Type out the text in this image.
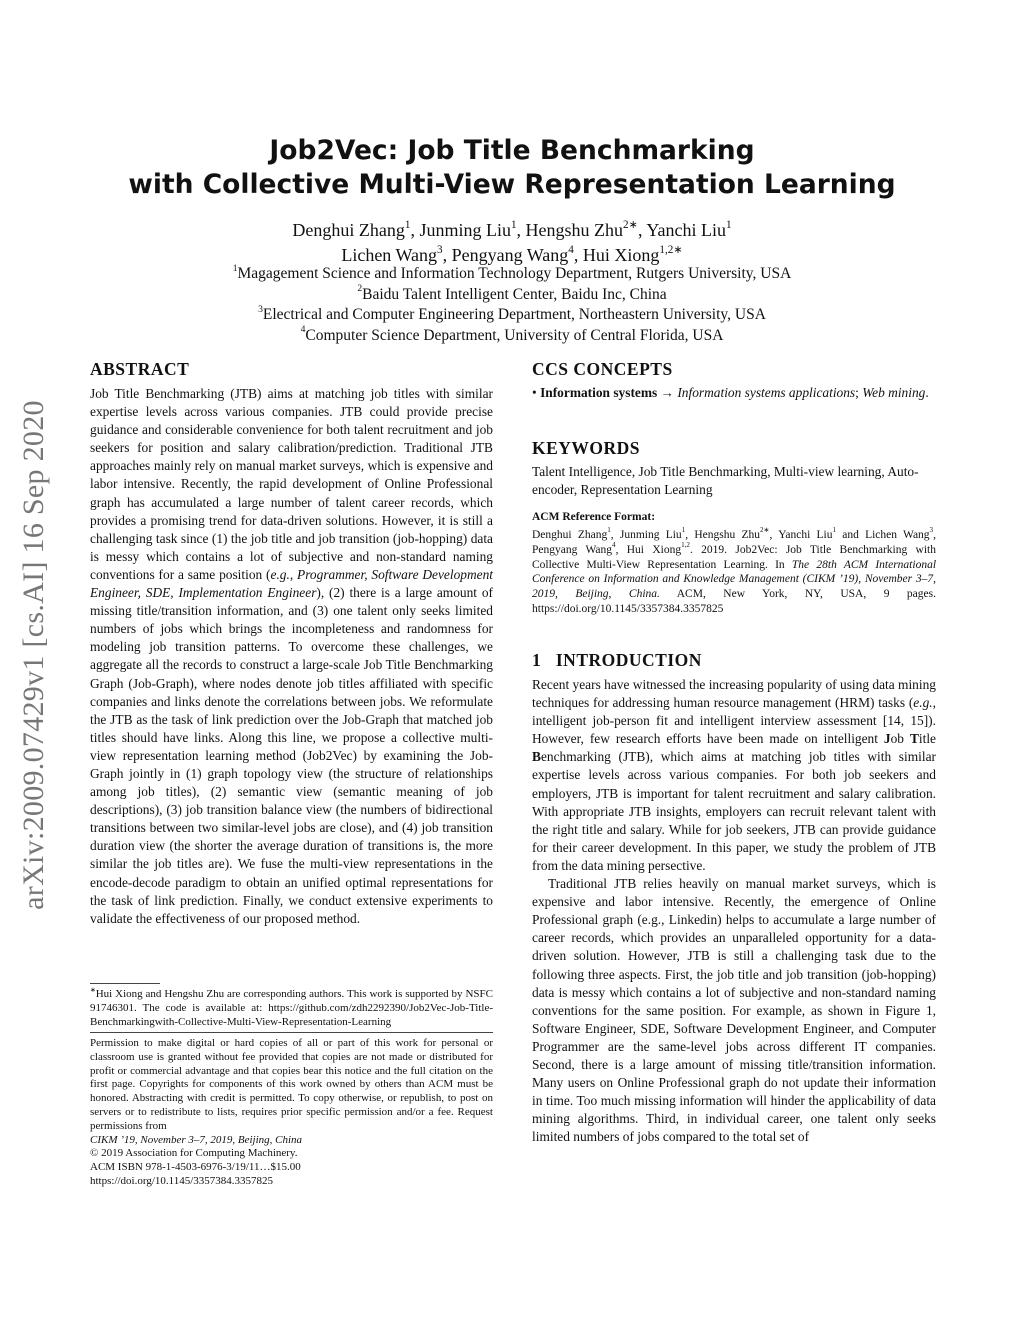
arXiv:2009.07429v1 [cs.AI] 16 Sep 2020
Job2Vec: Job Title Benchmarking
with Collective Multi-View Representation Learning
Denghui Zhang$^1$, Junming Liu$^1$, Hengshu Zhu$^{2∗}$, Yanchi Liu$^1$
Lichen Wang$^3$, Pengyang Wang$^4$, Hui Xiong$^{1,2∗}$
$^1$Magagement Science and Information Technology Department, Rutgers University, USA
$^2$Baidu Talent Intelligent Center, Baidu Inc, China
$^3$Electrical and Computer Engineering Department, Northeastern University, USA
$^4$Computer Science Department, University of Central Florida, USA
ABSTRACT
Job Title Benchmarking (JTB) aims at matching job titles with similar expertise levels across various companies. JTB could provide precise guidance and considerable convenience for both talent recruitment and job seekers for position and salary calibration/prediction. Traditional JTB approaches mainly rely on manual market surveys, which is expensive and labor intensive. Recently, the rapid development of Online Professional graph has accumulated a large number of talent career records, which provides a promising trend for data-driven solutions. However, it is still a challenging task since (1) the job title and job transition (job-hopping) data is messy which contains a lot of subjective and non-standard naming conventions for a same position (e.g., Programmer, Software Development Engineer, SDE, Implementation Engineer), (2) there is a large amount of missing title/transition information, and (3) one talent only seeks limited numbers of jobs which brings the incompleteness and randomness for modeling job transition patterns. To overcome these challenges, we aggregate all the records to construct a large-scale Job Title Benchmarking Graph (Job-Graph), where nodes denote job titles affiliated with specific companies and links denote the correlations between jobs. We reformulate the JTB as the task of link prediction over the Job-Graph that matched job titles should have links. Along this line, we propose a collective multi-view representation learning method (Job2Vec) by examining the Job-Graph jointly in (1) graph topology view (the structure of relationships among job titles), (2) semantic view (semantic meaning of job descriptions), (3) job transition balance view (the numbers of bidirectional transitions between two similar-level jobs are close), and (4) job transition duration view (the shorter the average duration of transitions is, the more similar the job titles are). We fuse the multi-view representations in the encode-decode paradigm to obtain an unified optimal representations for the task of link prediction. Finally, we conduct extensive experiments to validate the effectiveness of our proposed method.
∗Hui Xiong and Hengshu Zhu are corresponding authors. This work is supported by NSFC 91746301. The code is available at: https://github.com/zdh2292390/Job2Vec-Job-Title-Benchmarkingwith-Collective-Multi-View-Representation-Learning
Permission to make digital or hard copies of all or part of this work for personal or classroom use is granted without fee provided that copies are not made or distributed for profit or commercial advantage and that copies bear this notice and the full citation on the first page. Copyrights for components of this work owned by others than ACM must be honored. Abstracting with credit is permitted. To copy otherwise, or republish, to post on servers or to redistribute to lists, requires prior specific permission and/or a fee. Request permissions from
CIKM ’19, November 3–7, 2019, Beijing, China
© 2019 Association for Computing Machinery.
ACM ISBN 978-1-4503-6976-3/19/11…$15.00
https://doi.org/10.1145/3357384.3357825
CCS CONCEPTS
• Information systems → Information systems applications; Web mining.
KEYWORDS
Talent Intelligence, Job Title Benchmarking, Multi-view learning, Auto-encoder, Representation Learning
ACM Reference Format:
Denghui Zhang$^1$, Junming Liu$^1$, Hengshu Zhu$^{2∗}$, Yanchi Liu$^1$ and Lichen Wang$^3$, Pengyang Wang$^4$, Hui Xiong$^{1,2}$. 2019. Job2Vec: Job Title Benchmarking with Collective Multi-View Representation Learning. In The 28th ACM International Conference on Information and Knowledge Management (CIKM ’19), November 3–7, 2019, Beijing, China. ACM, New York, NY, USA, 9 pages. https://doi.org/10.1145/3357384.3357825
1 INTRODUCTION

Recent years have witnessed the increasing popularity of using data mining techniques for addressing human resource management (HRM) tasks (e.g., intelligent job-person fit and intelligent interview assessment [14, 15]). However, few research efforts have been made on intelligent Job Title Benchmarking (JTB), which aims at matching job titles with similar expertise levels across various companies. For both job seekers and employers, JTB is important for talent recruitment and salary calibration. With appropriate JTB insights, employers can recruit relevant talent with the right title and salary. While for job seekers, JTB can provide guidance for their career development. In this paper, we study the problem of JTB from the data mining persective.

Traditional JTB relies heavily on manual market surveys, which is expensive and labor intensive. Recently, the emergence of Online Professional graph (e.g., Linkedin) helps to accumulate a large number of career records, which provides an unparalleled opportunity for a data-driven solution. However, JTB is still a challenging task due to the following three aspects. First, the job title and job transition (job-hopping) data is messy which contains a lot of subjective and non-standard naming conventions for the same position. For example, as shown in Figure 1, Software Engineer, SDE, Software Development Engineer, and Computer Programmer are the same-level jobs across different IT companies. Second, there is a large amount of missing title/transition information. Many users on Online Professional graph do not update their information in time. Too much missing information will hinder the applicability of data mining algorithms. Third, in individual career, one talent only seeks limited numbers of jobs compared to the total set of
